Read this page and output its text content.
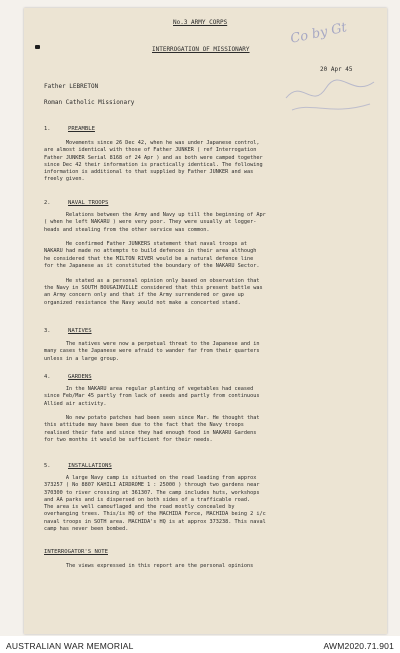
No.3 ARMY CORPS
INTERROGATION OF MISSIONARY
20 Apr 45
Co by Gt
Father LEBRETON
Roman Catholic Missionary
1.	PREAMBLE
Movements since 26 Dec 42, when he was under Japanese control,
are almost identical with those of Father JUNKER ( ref Interrogation
Father JUNKER Serial 8168 of 24 Apr ) and as both were camped together
since Dec 42 their information is practically identical. The following
information is additional to that supplied by Father JUNKER and was
freely given.
2.	NAVAL TROOPS
Relations between the Army and Navy up till the beginning of Apr
( when he left NAKARU ) were very poor. They were usually at logger-
heads and stealing from the other service was common.

He confirmed Father JUNKERS statement that naval troops at
NAKARU had made no attempts to build defences in their area although
he considered that the MILTON RIVER would be a natural defence line
for the Japanese as it constituted the boundary of the NAKARU Sector.

He stated as a personal opinion only based on observation that
the Navy in SOUTH BOUGAINVILLE considered that this present battle was
an Army concern only and that if the Army surrendered or gave up
organized resistance the Navy would not make a concerted stand.
3.	NATIVES
The natives were now a perpetual threat to the Japanese and in
many cases the Japanese were afraid to wander far from their quarters
unless in a large group.
4.	GARDENS
In the NAKARU area regular planting of vegetables had ceased
since Feb/Mar 45 partly from lack of seeds and partly from continuous
Allied air activity.

No new potato patches had been seen since Mar. He thought that
this attitude may have been due to the fact that the Navy troops
realised their fate and since they had enough food in NAKARU Gardens
for two months it would be sufficient for their needs.
5.	INSTALLATIONS
A large Navy camp is situated on the road leading from approx
373257 ( No 8807 KAHILI AIRDROME 1 : 25000 ) through two gardens near
370300 to river crossing at 361307. The camp includes huts, workshops
and AA parks and is dispersed on both sides of a trafficable road.
The area is well camouflaged and the road mostly concealed by
overhanging trees. This/is HQ of the MACHIDA Force, MACHIDA being 2 i/c
naval troops in SOTH area. MACHIDA's HQ is at approx 373238. This naval
camp has never been bombed.
INTERROGATOR'S NOTE
The views expressed in this report are the personal opinions
AUSTRALIAN WAR MEMORIAL	AWM2020.71.901
